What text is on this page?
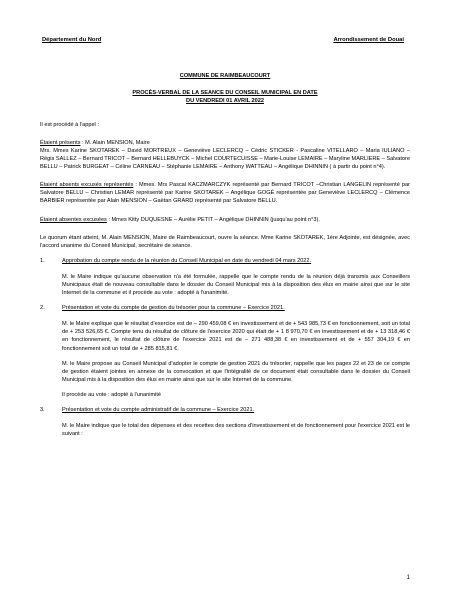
Département du Nord	Arrondissement de Douai
COMMUNE DE RAIMBEAUCOURT
PROCÈS-VERBAL DE LA SEANCE DU CONSEIL MUNICIPAL EN DATE
DU VENDREDI 01 AVRIL 2022

Il est procédé à l'appel :

Étaient présents : M. Alain MENSION, Maire

Mrs. Mmes Karine SKOTAREK – David MORTREUX – Geneviève LECLERCQ – Cédric STICKER - Pascaline VITELLARO – Maria IULIANO – Régis SALLEZ – Bernard TRICOT – Bernard HELLEBUYCK – Michel COURTECUISSE – Marie-Louise LEMAIRE – Maryline MARLIERE – Salvatore BELLU – Patrick BURGEAT – Céline CARNEAU – Stéphanie LEMAIRE – Anthony WATTEAU – Angélique DHINNIN ( à partir du point n°4).

Étaient absents excusés représentés : Mmes. Mrs Pascal KACZMARCZYK représenté par Bernard TRICOT –Christian LANGELIN représenté par Salvatore BELLU – Christian LEMAR représenté par Karine SKOTAREK – Angélique GOGÉ représentée par Geneviève LECLERCQ – Clémence BARBIER représentée par Alain MENSION – Gaëtan GRARD représenté par Salvatore BELLU.

Étaient absentes excusées : Mmes Kitty DUQUESNE – Aurélie PETIT – Angélique DHINNIN (jusqu'au point n°3).

Le quorum étant atteint, M. Alain MENSION, Maire de Raimbeaucourt, ouvre la séance. Mme Karine SKOTAREK, 1ère Adjointe, est désignée, avec l'accord unanime du Conseil Municipal, secrétaire de séance.

1.	Approbation du compte rendu de la réunion du Conseil Municipal en date du vendredi 04 mars 2022.

M. le Maire indique qu'aucune observation n'a été formulée, rappelle que le compte rendu de la réunion déjà transmis aux Conseillers Municipaux était de nouveau consultable dans le dossier du Conseil Municipal mis à la disposition des élus en mairie ainsi que sur le site Internet de la commune et il procède au vote : adopté à l'unanimité.

2.	Présentation et vote du compte de gestion du trésorier pour la commune – Exercice 2021.

M. le Maire explique que le résultat d'exercice est de – 290 459,08 € en investissement et de + 543 985,73 € en fonctionnement, soit un total de + 253 526,65 €. Compte tenu du résultat de clôture de l'exercice 2020 qui était de + 1 8 970,70 € en investissement et de + 13 318,46 € en fonctionnement, le résultat de clôture de l'exercice 2021 est de – 271 488,38 € en investissement et de + 557 304,19 € en fonctionnement soit un total de + 285 815,81 €.

M. le Maire propose au Conseil Municipal d'adopter le compte de gestion 2021 du trésorier, rappelle que les pages 22 et 23 de ce compte de gestion étaient jointes en annexe de la convocation et que l'intégralité de ce document était consultable dans le dossier du Conseil Municipal mis à la disposition des élus en mairie ainsi que sur le site Internet de la commune.

Il procède au vote : adopté à l'unanimité

3.	Présentation et vote du compte administratif de la commune – Exercice 2021.

M. le Maire indique que le total des dépenses et des recettes des sections d'investissement et de fonctionnement pour l'exercice 2021 est le suivant :

1
